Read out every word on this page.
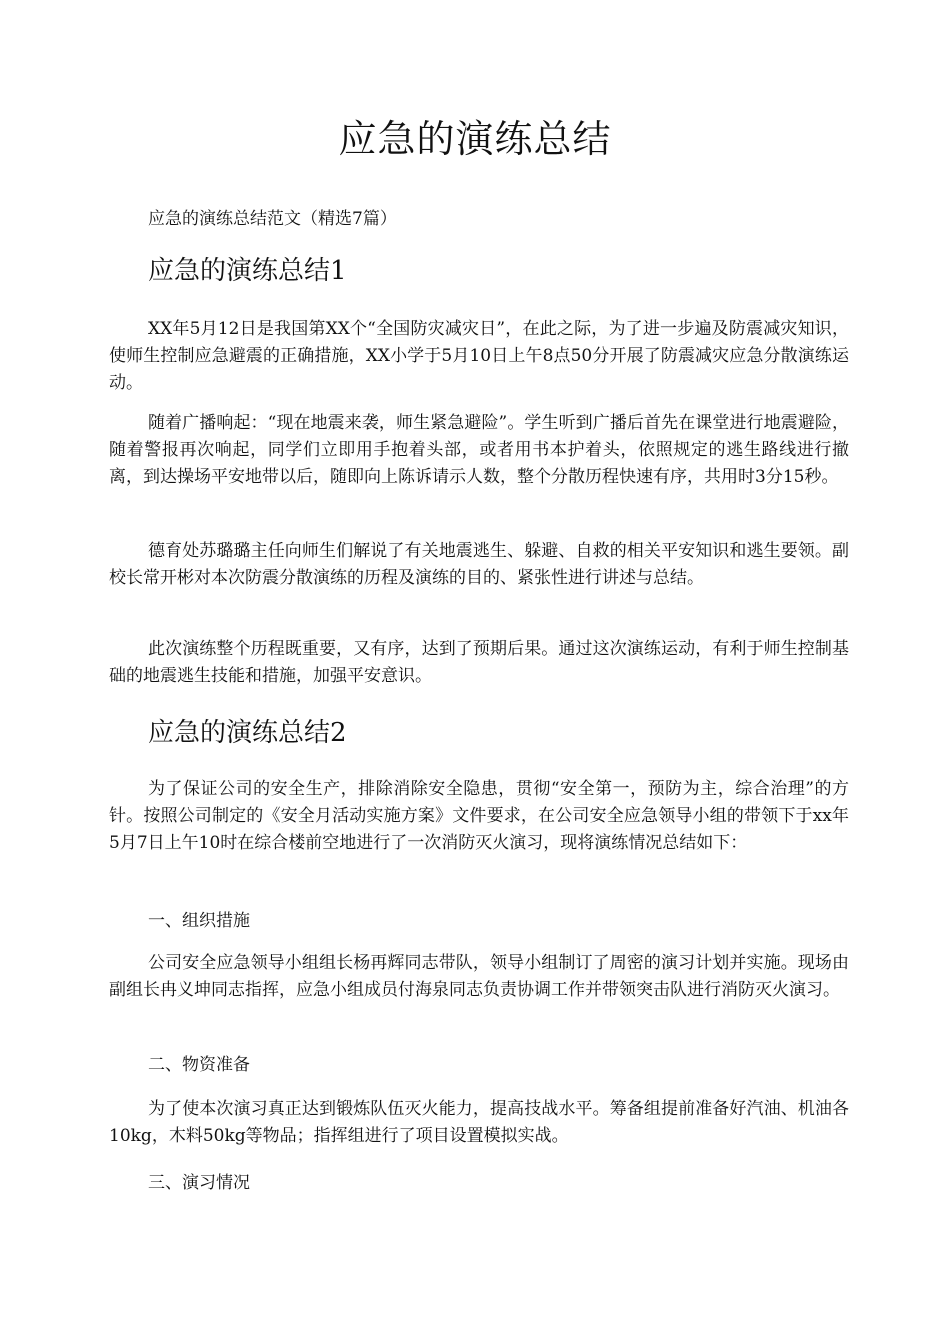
应急的演练总结

应急的演练总结范文（精选7篇）

应急的演练总结1

XX年5月12日是我国第XX个“全国防灾减灾日”，在此之际，为了进一步遍及防震减灾知识，使师生控制应急避震的正确措施，XX小学于5月10日上午8点50分开展了防震减灾应急分散演练运动。

随着广播响起：“现在地震来袭，师生紧急避险”。学生听到广播后首先在课堂进行地震避险，随着警报再次响起，同学们立即用手抱着头部，或者用书本护着头，依照规定的逃生路线进行撤离，到达操场平安地带以后，随即向上陈诉请示人数，整个分散历程快速有序，共用时3分15秒。

德育处苏璐璐主任向师生们解说了有关地震逃生、躲避、自救的相关平安知识和逃生要领。副校长常开彬对本次防震分散演练的历程及演练的目的、紧张性进行讲述与总结。

此次演练整个历程既重要，又有序，达到了预期后果。通过这次演练运动，有利于师生控制基础的地震逃生技能和措施，加强平安意识。

应急的演练总结2

为了保证公司的安全生产，排除消除安全隐患，贯彻“安全第一，预防为主，综合治理”的方针。按照公司制定的《安全月活动实施方案》文件要求，在公司安全应急领导小组的带领下于xx年5月7日上午10时在综合楼前空地进行了一次消防灭火演习，现将演练情况总结如下：

一、组织措施

公司安全应急领导小组组长杨再辉同志带队，领导小组制订了周密的演习计划并实施。现场由副组长冉义坤同志指挥，应急小组成员付海泉同志负责协调工作并带领突击队进行消防灭火演习。

二、物资准备

为了使本次演习真正达到锻炼队伍灭火能力，提高技战水平。筹备组提前准备好汽油、机油各10kg，木料50kg等物品；指挥组进行了项目设置模拟实战。

三、演习情况
